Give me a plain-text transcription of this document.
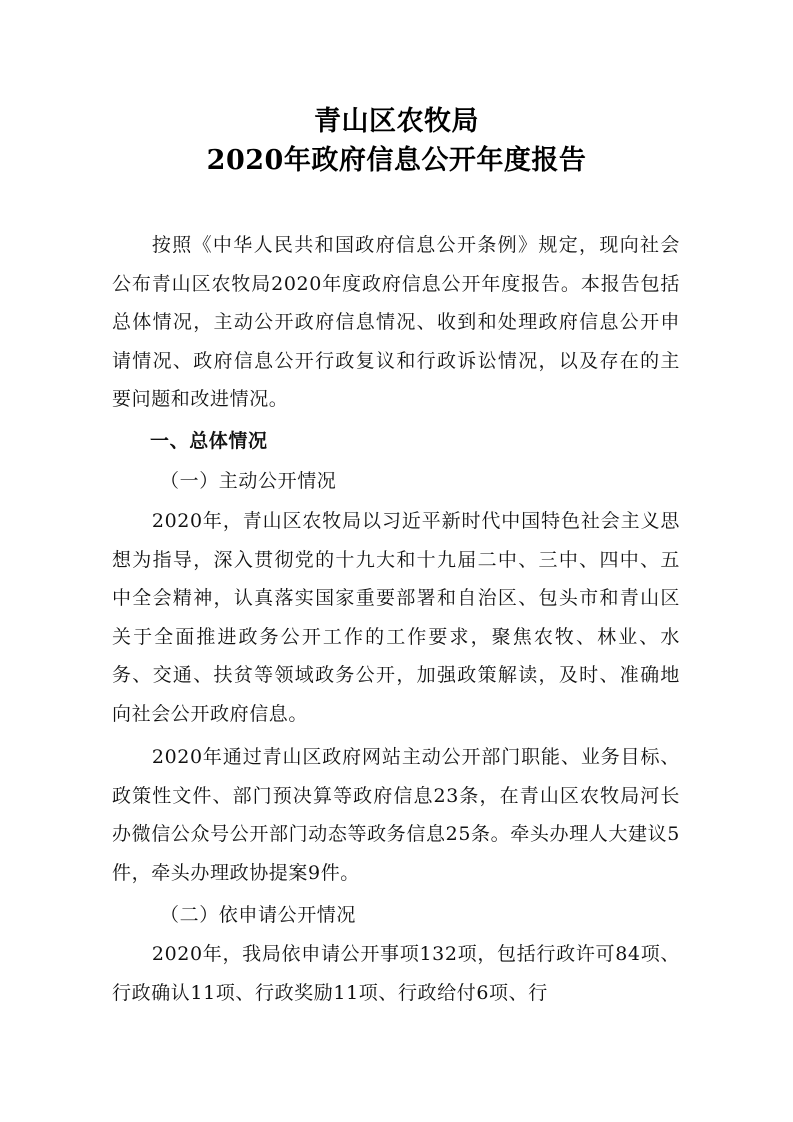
青山区农牧局
2020年政府信息公开年度报告

按照《中华人民共和国政府信息公开条例》规定，现向社会公布青山区农牧局2020年度政府信息公开年度报告。本报告包括总体情况，主动公开政府信息情况、收到和处理政府信息公开申请情况、政府信息公开行政复议和行政诉讼情况，以及存在的主要问题和改进情况。

一、总体情况

（一）主动公开情况

2020年，青山区农牧局以习近平新时代中国特色社会主义思想为指导，深入贯彻党的十九大和十九届二中、三中、四中、五中全会精神，认真落实国家重要部署和自治区、包头市和青山区关于全面推进政务公开工作的工作要求，聚焦农牧、林业、水务、交通、扶贫等领域政务公开，加强政策解读，及时、准确地向社会公开政府信息。

2020年通过青山区政府网站主动公开部门职能、业务目标、政策性文件、部门预决算等政府信息23条，在青山区农牧局河长办微信公众号公开部门动态等政务信息25条。牵头办理人大建议5件，牵头办理政协提案9件。

（二）依申请公开情况

2020年，我局依申请公开事项132项，包括行政许可84项、行政确认11项、行政奖励11项、行政给付6项、行
